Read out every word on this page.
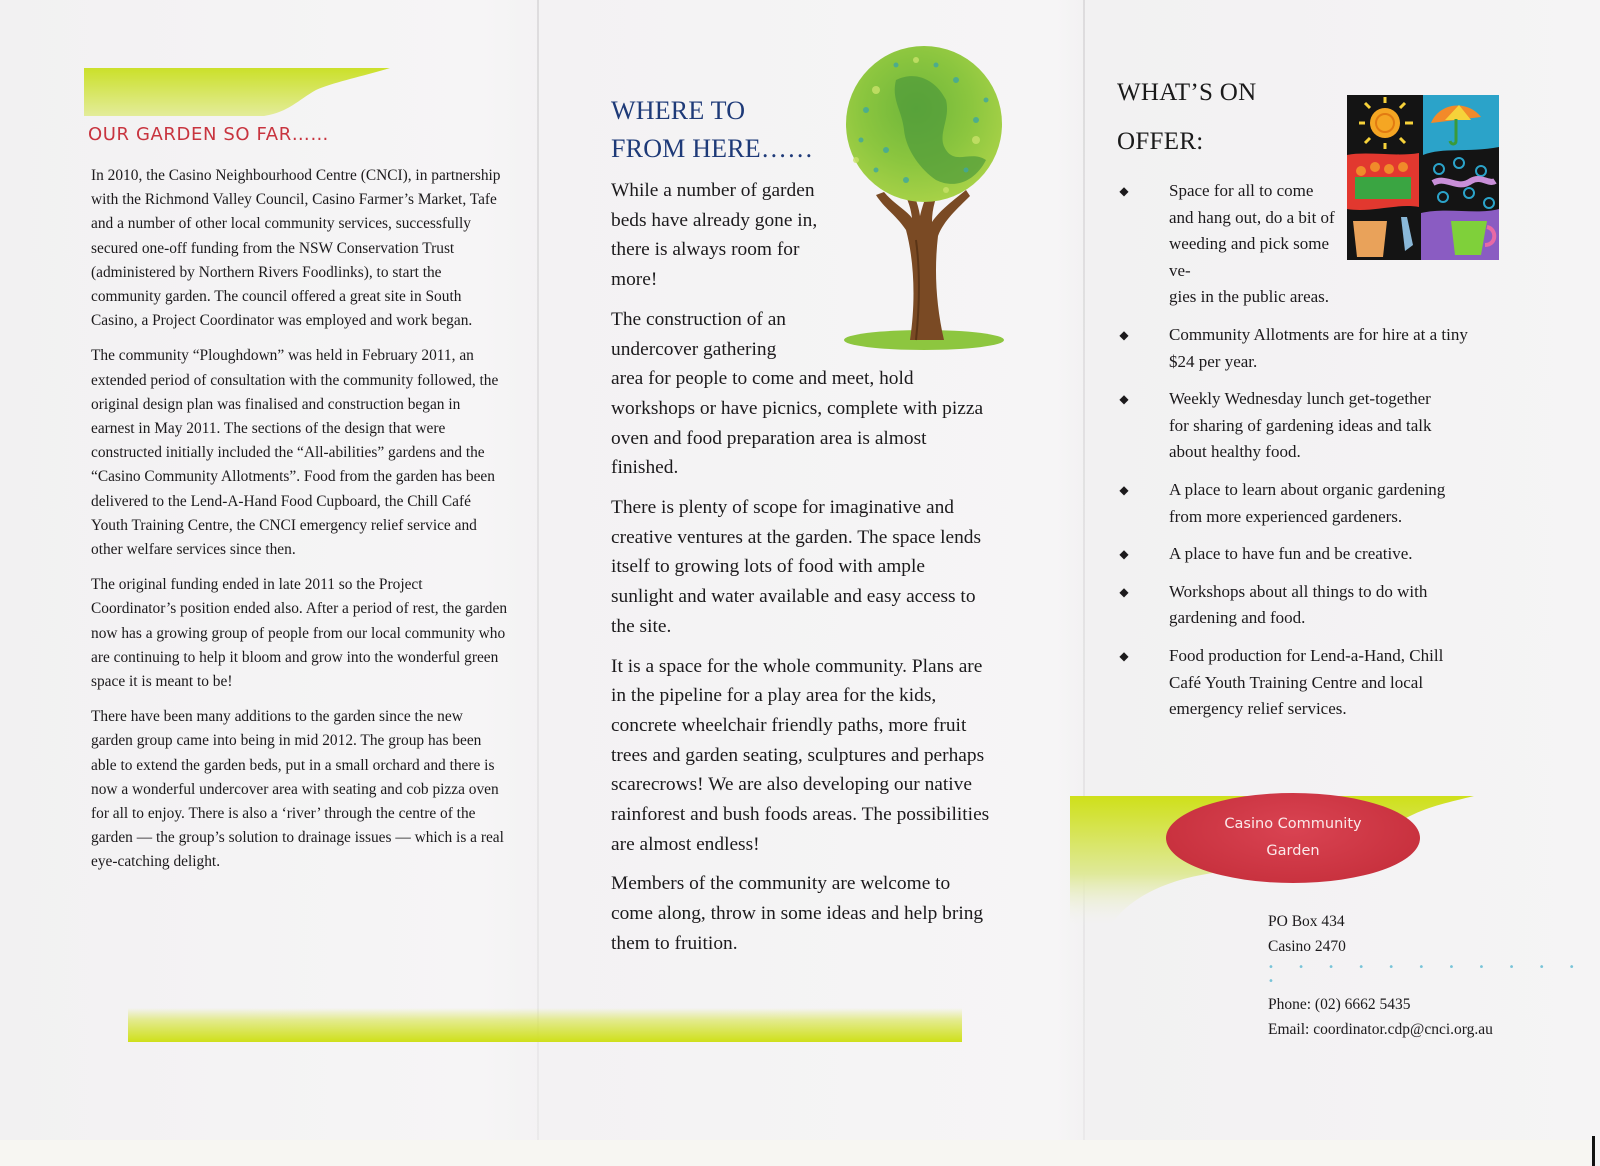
OUR GARDEN SO FAR……

In 2010, the Casino Neighbourhood Centre (CNCI), in partnership with the Richmond Valley Council, Casino Farmer’s Market, Tafe and a number of other local community services, successfully secured one-off funding from the NSW Conservation Trust (administered by Northern Rivers Foodlinks), to start the community garden. The council offered a great site in South Casino, a Project Coordinator was employed and work began.

The community “Ploughdown” was held in February 2011, an extended period of consultation with the community followed, the original design plan was finalised and construction began in earnest in May 2011. The sections of the design that were constructed initially included the “All-abilities” gardens and the “Casino Community Allotments”. Food from the garden has been delivered to the Lend-A-Hand Food Cupboard, the Chill Café Youth Training Centre, the CNCI emergency relief service and other welfare services since then.

The original funding ended in late 2011 so the Project Coordinator’s position ended also. After a period of rest, the garden now has a growing group of people from our local community who are continuing to help it bloom and grow into the wonderful green space it is meant to be!

There have been many additions to the garden since the new garden group came into being in mid 2012. The group has been able to extend the garden beds, put in a small orchard and there is now a wonderful undercover area with seating and cob pizza oven for all to enjoy. There is also a ‘river’ through the centre of the garden — the group’s solution to drainage issues — which is a real eye-catching delight.

WHERE TO
FROM HERE……

While a number of garden beds have already gone in, there is always room for more!

The construction of an undercover gathering
area for people to come and meet, hold workshops or have picnics, complete with pizza oven and food preparation area is almost finished.

There is plenty of scope for imaginative and creative ventures at the garden. The space lends itself to growing lots of food with ample sunlight and water available and easy access to the site.

It is a space for the whole community. Plans are in the pipeline for a play area for the kids, concrete wheelchair friendly paths, more fruit trees and garden seating, sculptures and perhaps scarecrows! We are also developing our native rainforest and bush foods areas. The possibilities are almost endless!

Members of the community are welcome to come along, throw in some ideas and help bring them to fruition.

WHAT’S ON
OFFER:
◆ Space for all to come and hang out, do a bit of weeding and pick some ve-
gies in the public areas.
◆ Community Allotments are for hire at a tiny $24 per year.
◆ Weekly Wednesday lunch get-together for sharing of gardening ideas and talk about healthy food.
◆ A place to learn about organic gardening from more experienced gardeners.
◆ A place to have fun and be creative.
◆ Workshops about all things to do with gardening and food.
◆ Food production for Lend-a-Hand, Chill Café Youth Training Centre and local emergency relief services.
Casino Community
Garden
PO Box 434
Casino 2470
• • • • • • • • • • • •
Phone: (02) 6662 5435
Email: coordinator.cdp@cnci.org.au
